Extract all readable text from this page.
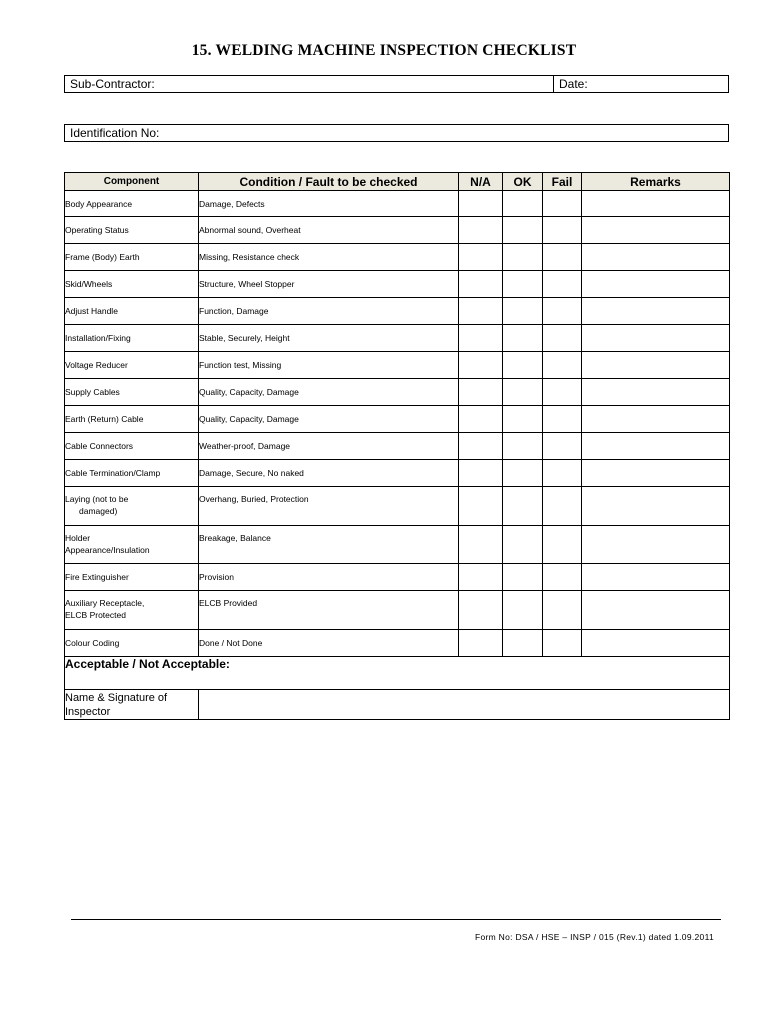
15. WELDING MACHINE INSPECTION CHECKLIST
Sub-Contractor:	Date:
Identification No:
Component	Condition / Fault to be checked	N/A	OK	Fail	Remarks
Body Appearance	Damage, Defects				
Operating Status	Abnormal sound, Overheat				
Frame (Body) Earth	Missing, Resistance check				
Skid/Wheels	Structure, Wheel Stopper				
Adjust Handle	Function, Damage				
Installation/Fixing	Stable, Securely, Height				
Voltage Reducer	Function test, Missing				
Supply Cables	Quality, Capacity, Damage				
Earth (Return) Cable	Quality, Capacity, Damage				
Cable Connectors	Weather-proof, Damage				
Cable Termination/Clamp	Damage, Secure, No naked				
Laying (not to be
damaged)	Overhang, Buried, Protection				

Holder
Appearance/Insulation	Breakage, Balance				
Fire Extinguisher	Provision				

Auxiliary Receptacle,
ELCB Protected	ELCB Provided				
Colour Coding	Done / Not Done				
Acceptable / Not Acceptable:					

Name & Signature of
Inspector					

Form No: DSA / HSE – INSP / 015 (Rev.1) dated 1.09.2011
